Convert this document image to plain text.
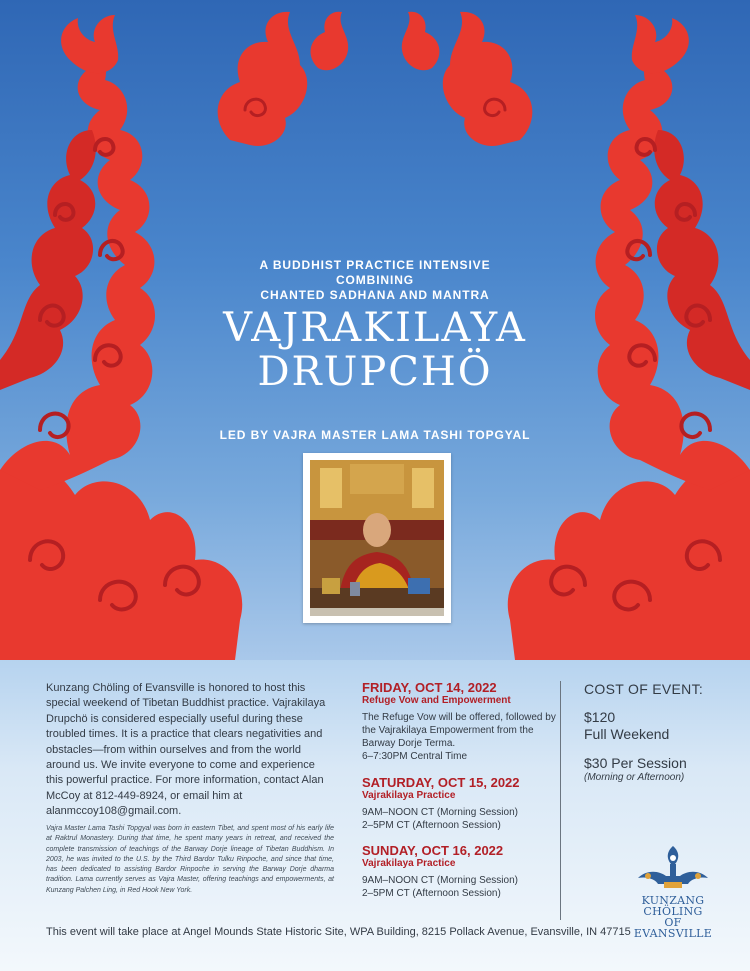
A BUDDHIST PRACTICE INTENSIVE
COMBINING
CHANTED SADHANA AND MANTRA
VAJRAKILAYA
DRUPCHÖ
LED BY VAJRA MASTER LAMA TASHI TOPGYAL
Kunzang Chöling of Evansville is honored to host this special weekend of Tibetan Buddhist practice. Vajrakilaya Drupchö is considered especially useful during these troubled times. It is a practice that clears negativities and obstacles—from within ourselves and from the world around us. We invite everyone to come and experience this powerful practice. For more information, contact Alan McCoy at 812-449-8924, or email him at alanmccoy108@gmail.com.
Vajra Master Lama Tashi Topgyal was born in eastern Tibet, and spent most of his early life at Raktrul Monastery. During that time, he spent many years in retreat, and received the complete transmission of teachings of the Barway Dorje lineage of Tibetan Buddhism. In 2003, he was invited to the U.S. by the Third Bardor Tulku Rinpoche, and since that time, has been dedicated to assisting Bardor Rinpoche in serving the Barway Dorje dharma tradition. Lama currently serves as Vajra Master, offering teachings and empowerments, at Kunzang Palchen Ling, in Red Hook New York.
FRIDAY, OCT 14, 2022
Refuge Vow and Empowerment
The Refuge Vow will be offered, followed by the Vajrakilaya Empowerment from the Barway Dorje Terma.
6–7:30PM Central Time
SATURDAY, OCT 15, 2022
Vajrakilaya Practice
9AM–NOON CT (Morning Session)
2–5PM CT (Afternoon Session)
SUNDAY, OCT 16, 2022
Vajrakilaya Practice
9AM–NOON CT (Morning Session)
2–5PM CT (Afternoon Session)
COST OF EVENT:
$120
Full Weekend
$30 Per Session
(Morning or Afternoon)
KUNZANG
CHÖLING
OF EVANSVILLE
This event will take place at Angel Mounds State Historic Site, WPA Building, 8215 Pollack Avenue, Evansville, IN 47715
